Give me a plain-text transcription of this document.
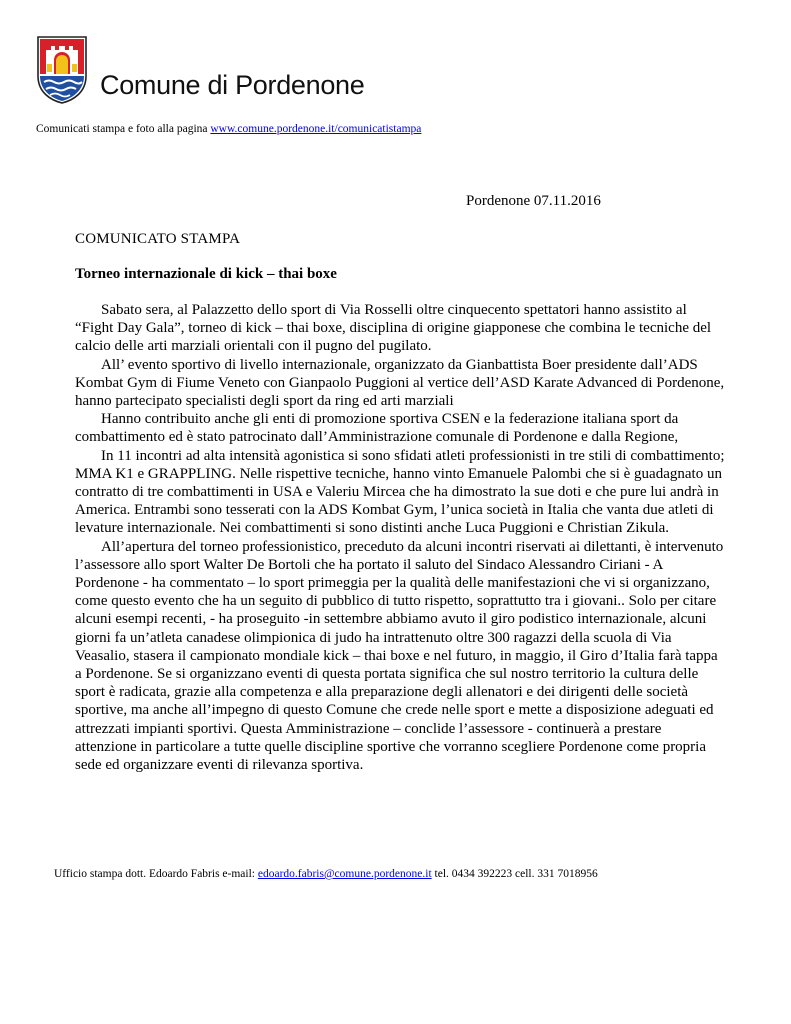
Comune di Pordenone
Comunicati stampa e foto alla pagina www.comune.pordenone.it/comunicatistampa
Pordenone 07.11.2016
COMUNICATO STAMPA
Torneo internazionale di kick – thai boxe

Sabato sera, al Palazzetto dello sport di Via Rosselli oltre cinquecento spettatori hanno assistito al “Fight Day Gala”, torneo di kick – thai boxe, disciplina di origine giapponese che combina le tecniche del calcio delle arti marziali orientali con il pugno del pugilato.

All’ evento sportivo di livello internazionale, organizzato da Gianbattista Boer presidente dall’ADS Kombat Gym di Fiume Veneto con Gianpaolo Puggioni al vertice dell’ASD Karate Advanced di Pordenone, hanno partecipato specialisti degli sport da ring ed arti marziali

Hanno contribuito anche gli enti di promozione sportiva CSEN e la federazione italiana sport da combattimento ed è stato patrocinato dall’Amministrazione comunale di Pordenone e dalla Regione,

In 11 incontri ad alta intensità agonistica si sono sfidati atleti professionisti in tre stili di combattimento; MMA K1 e GRAPPLING. Nelle rispettive tecniche, hanno vinto Emanuele Palombi che si è guadagnato un contratto di tre combattimenti in USA e Valeriu Mircea che ha dimostrato la sue doti e che pure lui andrà in America. Entrambi sono tesserati con la ADS Kombat Gym, l’unica società in Italia che vanta due atleti di levature internazionale. Nei combattimenti si sono distinti anche Luca Puggioni e Christian Zikula.

All’apertura del torneo professionistico, preceduto da alcuni incontri riservati ai dilettanti, è intervenuto l’assessore allo sport Walter De Bortoli che ha portato il saluto del Sindaco Alessandro Ciriani - A Pordenone - ha commentato – lo sport primeggia per la qualità delle manifestazioni che vi si organizzano, come questo evento che ha un seguito di pubblico di tutto rispetto, soprattutto tra i giovani.. Solo per citare alcuni esempi recenti, - ha proseguito -in settembre abbiamo avuto il giro podistico internazionale, alcuni giorni fa un’atleta canadese olimpionica di judo ha intrattenuto oltre 300 ragazzi della scuola di Via Veasalio, stasera il campionato mondiale kick – thai boxe e nel futuro, in maggio, il Giro d’Italia farà tappa a Pordenone. Se si organizzano eventi di questa portata significa che sul nostro territorio la cultura delle sport è radicata, grazie alla competenza e alla preparazione degli allenatori e dei dirigenti delle società sportive, ma anche all’impegno di questo Comune che crede nelle sport e mette a disposizione adeguati ed attrezzati impianti sportivi. Questa Amministrazione – conclide l’assessore - continuerà a prestare attenzione in particolare a tutte quelle discipline sportive che vorranno scegliere Pordenone come propria sede ed organizzare eventi di rilevanza sportiva.

Ufficio stampa dott. Edoardo Fabris e-mail: edoardo.fabris@comune.pordenone.it tel. 0434 392223 cell. 331 7018956
